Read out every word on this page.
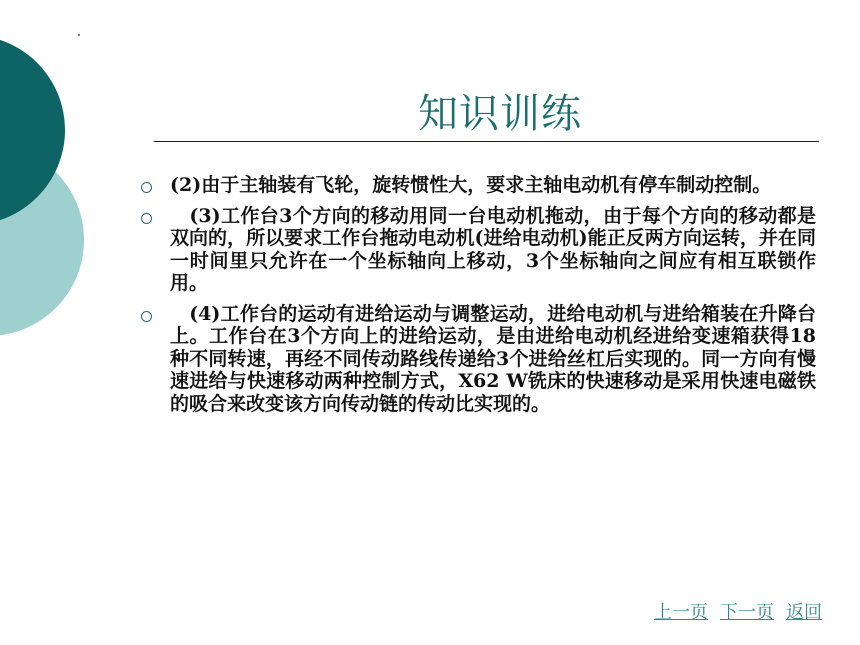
知识训练

(2)由于主轴装有飞轮，旋转惯性大，要求主轴电动机有停车制动控制。

　(3)工作台3个方向的移动用同一台电动机拖动，由于每个方向的移动都是双向的，所以要求工作台拖动电动机(进给电动机)能正反两方向运转，并在同一时间里只允许在一个坐标轴向上移动，3个坐标轴向之间应有相互联锁作用。

　(4)工作台的运动有进给运动与调整运动，进给电动机与进给箱装在升降台上。工作台在3个方向上的进给运动，是由进给电动机经进给变速箱获得18种不同转速，再经不同传动路线传递给3个进给丝杠后实现的。同一方向有慢速进给与快速移动两种控制方式，X62 W铣床的快速移动是采用快速电磁铁的吸合来改变该方向传动链的传动比实现的。

上一页 下一页 返回
